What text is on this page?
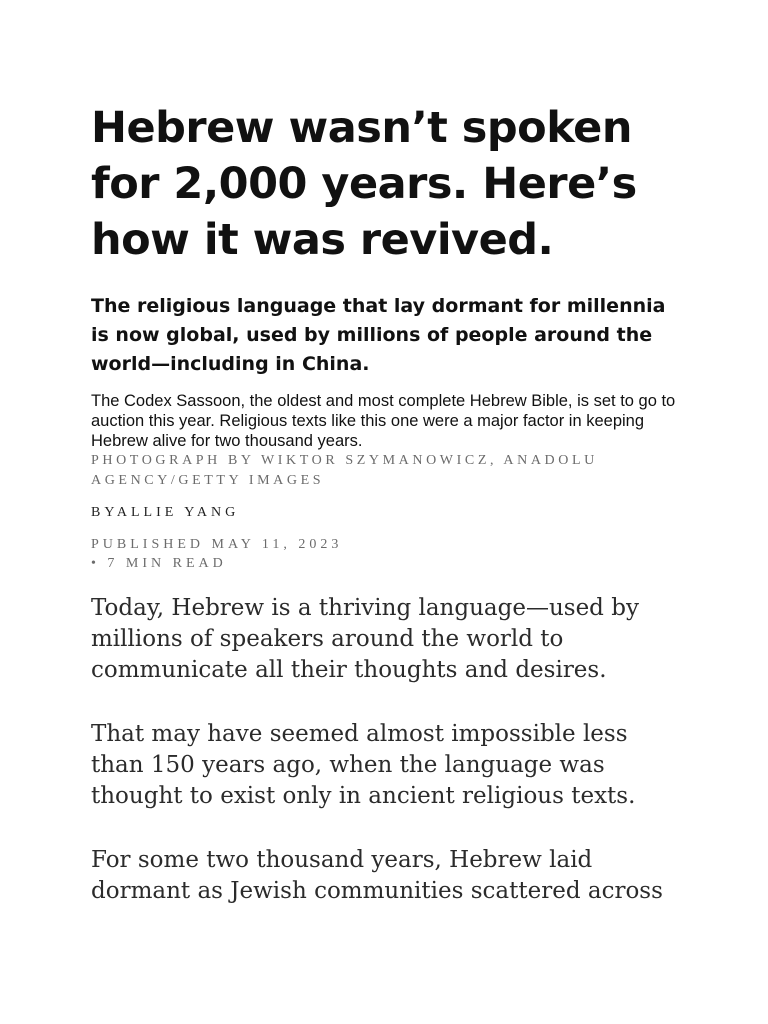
Hebrew wasn’t spoken for 2,000 years. Here’s how it was revived.

The religious language that lay dormant for millennia is now global, used by millions of people around the world—including in China.

The Codex Sassoon, the oldest and most complete Hebrew Bible, is set to go to auction this year. Religious texts like this one were a major factor in keeping Hebrew alive for two thousand years.

PHOTOGRAPH BY WIKTOR SZYMANOWICZ, ANADOLU AGENCY/GETTY IMAGES

BYALLIE YANG

PUBLISHED MAY 11, 2023
• 7 MIN READ

Today, Hebrew is a thriving language—used by millions of speakers around the world to communicate all their thoughts and desires.

That may have seemed almost impossible less than 150 years ago, when the language was thought to exist only in ancient religious texts.

For some two thousand years, Hebrew laid dormant as Jewish communities scattered across
